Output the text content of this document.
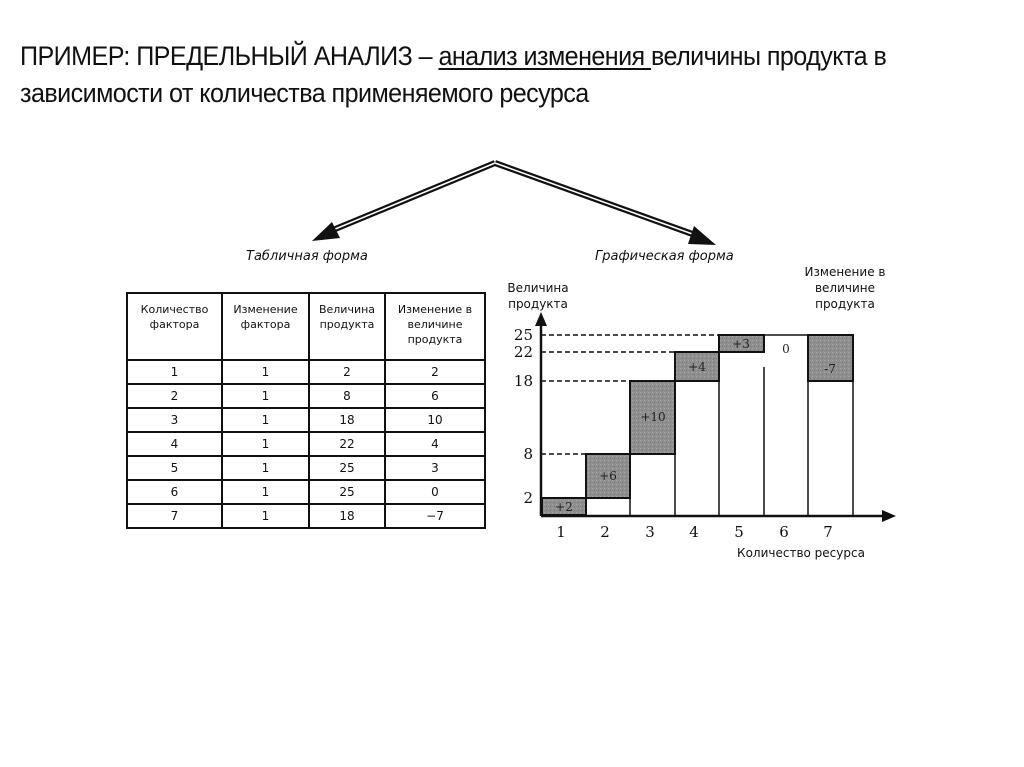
ПРИМЕР: ПРЕДЕЛЬНЫЙ АНАЛИЗ – анализ изменения величины продукта в зависимости от количества применяемого ресурса
Табличная форма	Графическая форма
Количество фактора	Изменение фактора	Величина продукта	Изменение в величине продукта
1	1	2	2
2	1	8	6
3	1	18	10
4	1	22	4
5	1	25	3
6	1	25	0
7	1	18	−7
Величина продукта
Изменение в величине продукта
Количество ресурса
+2
+6
+10
+4
+3	0
-7
25
22
18
8
2
1 2 3 4 5 6 7
